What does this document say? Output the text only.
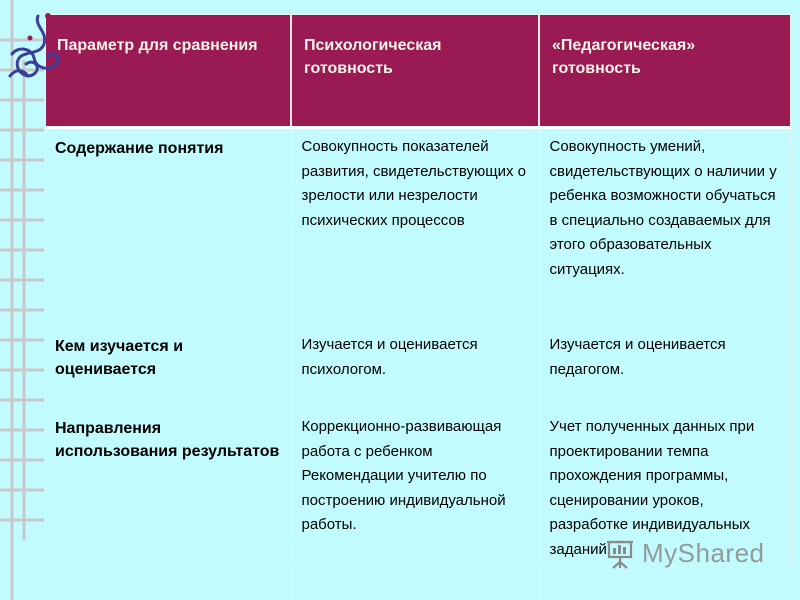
Параметр для сравнения	Психологическая готовность	«Педагогическая» готовность
Содержание понятия	Совокупность показателей развития, свидетельствующих о зрелости или незрелости психических процессов	Совокупность умений, свидетельствующих о наличии у ребенка возможности обучаться в специально создаваемых для этого образовательных ситуациях.
Кем изучается и оценивается	Изучается и оценивается психологом.	Изучается и оценивается педагогом.
Направления использования результатов	Коррекционно-развивающая работа с ребенком Рекомендации учителю по построению индивидуальной работы.	Учет полученных данных при проектировании темпа прохождения программы, сценировании уроков, разработке индивидуальных заданий. MyShared
